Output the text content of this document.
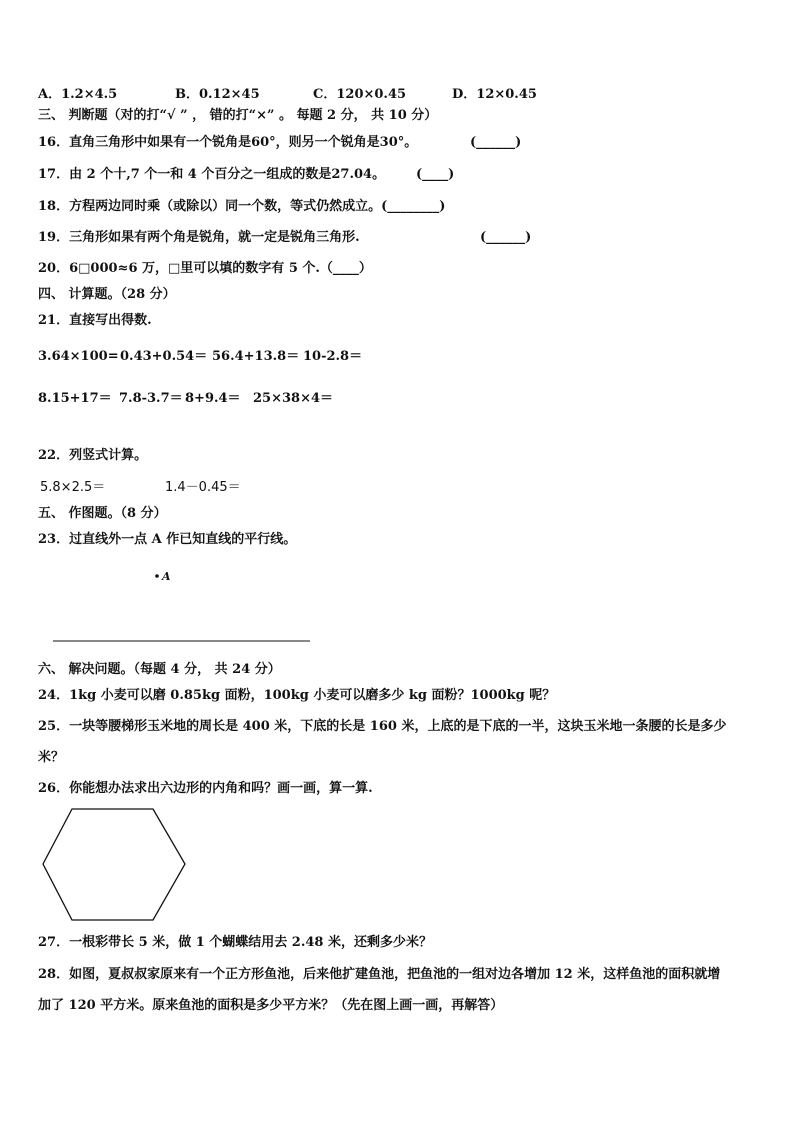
A．1.2×4.5	B．0.12×45	C．120×0.45	D．12×0.45
三、 判断题（对的打“√ ” ， 错的打“×” 。 每题 2 分， 共 10 分）
16．直角三角形中如果有一个锐角是60°，则另一个锐角是30°。	(______)
17．由 2 个十,7 个一和 4 个百分之一组成的数是27.04。 (____)
18．方程两边同时乘（或除以）同一个数，等式仍然成立。(________)
19．三角形如果有两个角是锐角，就一定是锐角三角形.	(______)
20．6□000≈6 万，□里可以填的数字有 5 个.（____）
四、 计算题。（28 分）
21．直接写出得数.
3.64×100= 0.43+0.54＝ 56.4+13.8＝ 10-2.8＝
8.15+17＝ 7.8-3.7＝ 8+9.4＝ 25×38×4＝
22．列竖式计算。
5.8×2.5＝	1.4－0.45＝
五、 作图题。（8 分）
23．过直线外一点 A 作已知直线的平行线。
A
六、 解决问题。（每题 4 分， 共 24 分）
24．1kg 小麦可以磨 0.85kg 面粉，100kg 小麦可以磨多少 kg 面粉？1000kg 呢？
25．一块等腰梯形玉米地的周长是 400 米，下底的长是 160 米，上底的是下底的一半，这块玉米地一条腰的长是多少
米？
26．你能想办法求出六边形的内角和吗？画一画，算一算.
27．一根彩带长 5 米，做 1 个蝴蝶结用去 2.48 米，还剩多少米？
28．如图，夏叔叔家原来有一个正方形鱼池，后来他扩建鱼池，把鱼池的一组对边各增加 12 米，这样鱼池的面积就增
加了 120 平方米。原来鱼池的面积是多少平方米？（先在图上画一画，再解答）
